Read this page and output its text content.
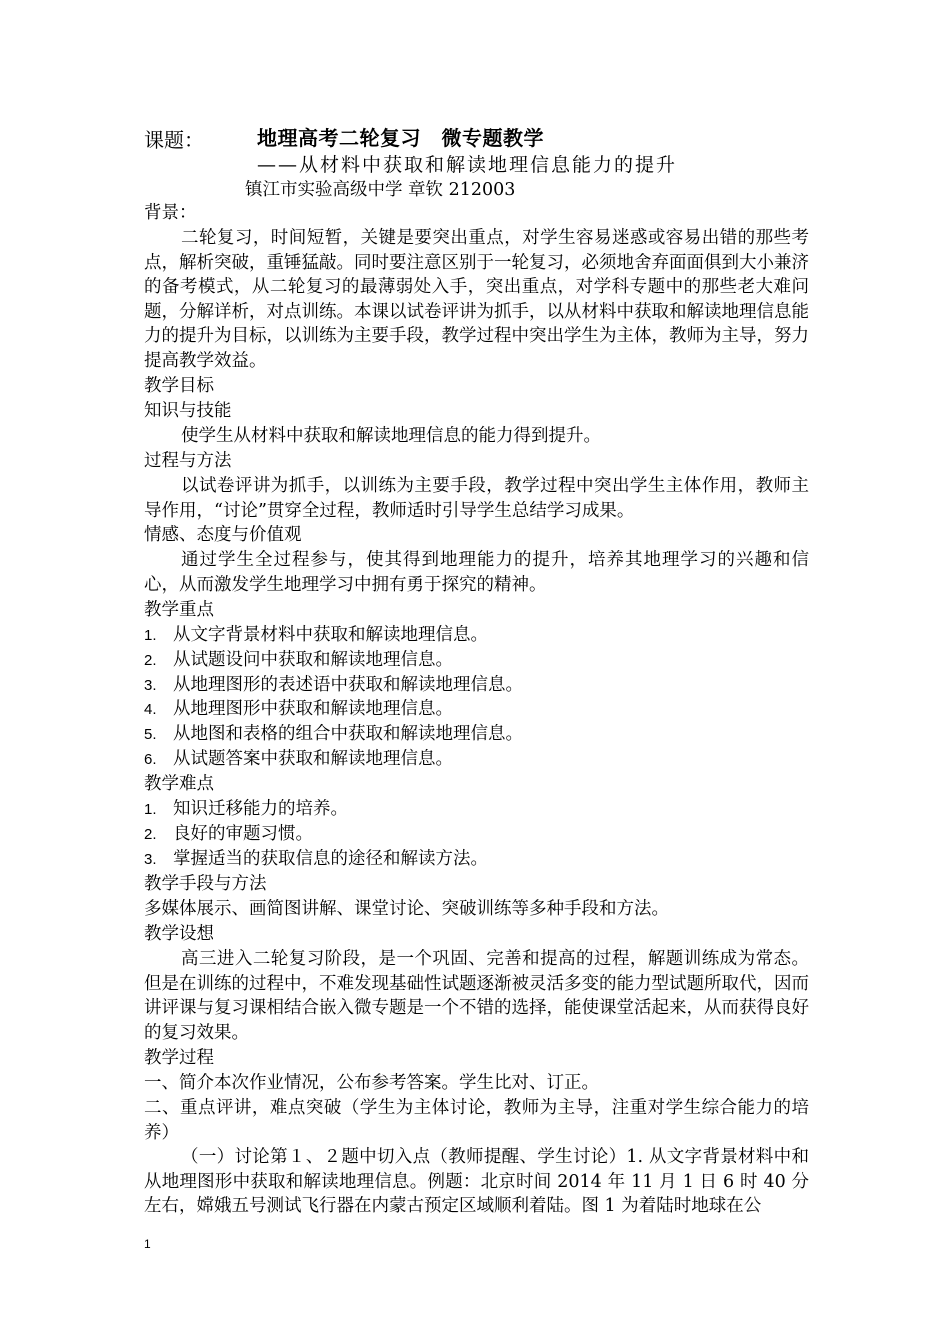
课题：	地理高考二轮复习　微专题教学
——从材料中获取和解读地理信息能力的提升
镇江市实验高级中学 章钦 212003
背景：
二轮复习，时间短暂，关键是要突出重点，对学生容易迷惑或容易出错的那些考点，解析突破，重锤猛敲。同时要注意区别于一轮复习，必须地舍弃面面俱到大小兼济的备考模式，从二轮复习的最薄弱处入手，突出重点，对学科专题中的那些老大难问题，分解详析，对点训练。本课以试卷评讲为抓手，以从材料中获取和解读地理信息能力的提升为目标，以训练为主要手段，教学过程中突出学生为主体，教师为主导，努力提高教学效益。
教学目标
知识与技能
使学生从材料中获取和解读地理信息的能力得到提升。
过程与方法
以试卷评讲为抓手，以训练为主要手段，教学过程中突出学生主体作用，教师主导作用，“讨论”贯穿全过程，教师适时引导学生总结学习成果。
情感、态度与价值观
通过学生全过程参与，使其得到地理能力的提升，培养其地理学习的兴趣和信心，从而激发学生地理学习中拥有勇于探究的精神。
教学重点
1. 从文字背景材料中获取和解读地理信息。
2. 从试题设问中获取和解读地理信息。
3. 从地理图形的表述语中获取和解读地理信息。
4. 从地理图形中获取和解读地理信息。
5. 从地图和表格的组合中获取和解读地理信息。
6. 从试题答案中获取和解读地理信息。
教学难点
1. 知识迁移能力的培养。
2. 良好的审题习惯。
3. 掌握适当的获取信息的途径和解读方法。
教学手段与方法
多媒体展示、画简图讲解、课堂讨论、突破训练等多种手段和方法。
教学设想
高三进入二轮复习阶段，是一个巩固、完善和提高的过程，解题训练成为常态。但是在训练的过程中，不难发现基础性试题逐渐被灵活多变的能力型试题所取代，因而讲评课与复习课相结合嵌入微专题是一个不错的选择，能使课堂活起来，从而获得良好的复习效果。
教学过程
一、简介本次作业情况，公布参考答案。学生比对、订正。
二、重点评讲，难点突破（学生为主体讨论，教师为主导，注重对学生综合能力的培养）
（一）讨论第１、２题中切入点（教师提醒、学生讨论）1. 从文字背景材料中和从地理图形中获取和解读地理信息。例题：北京时间 2014 年 11 月 1 日 6 时 40 分左右，嫦娥五号测试飞行器在内蒙古预定区域顺利着陆。图 1 为着陆时地球在公
1
